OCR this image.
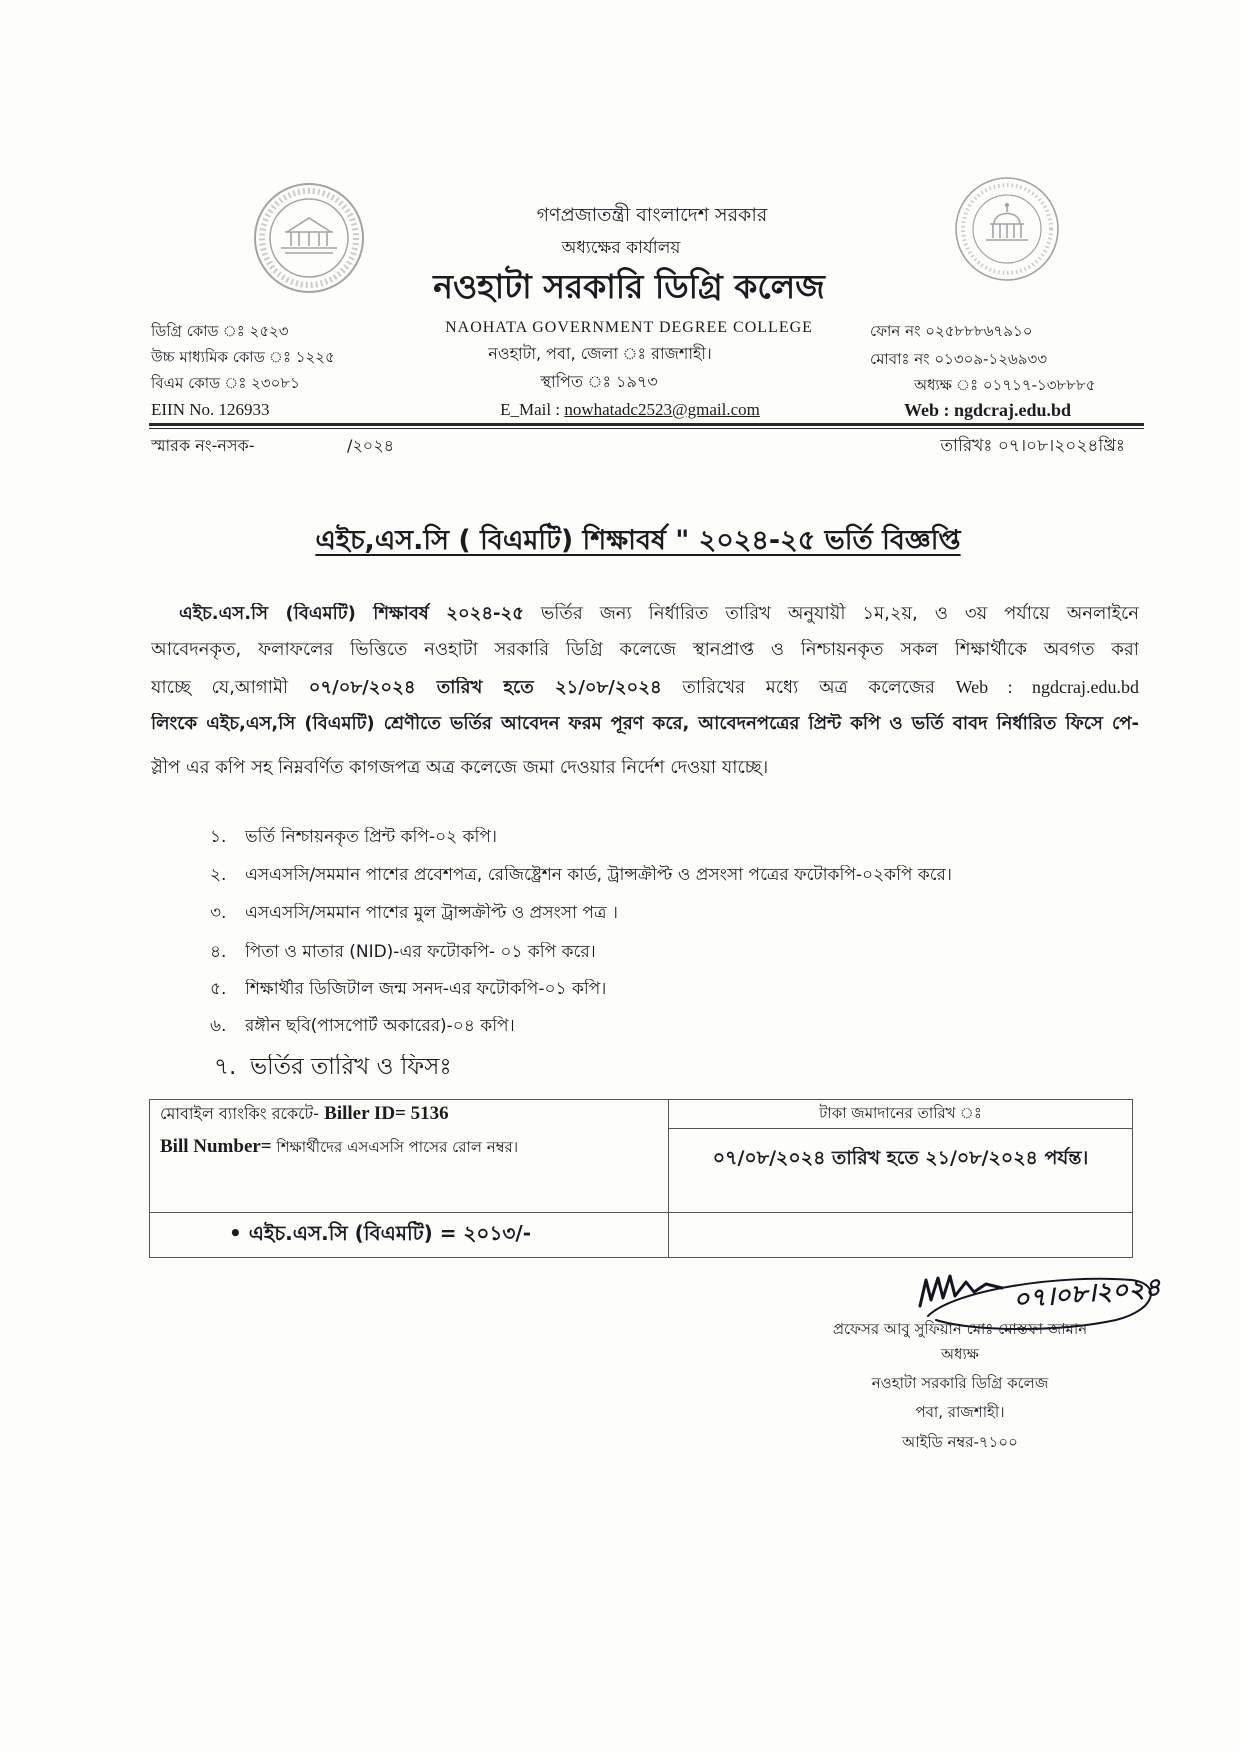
গণপ্রজাতন্ত্রী বাংলাদেশ সরকার
অধ্যক্ষের কার্যালয়
নওহাটা সরকারি ডিগ্রি কলেজ
NAOHATA GOVERNMENT DEGREE COLLEGE
নওহাটা, পবা, জেলা ঃ রাজশাহী।
স্থাপিত ঃ ১৯৭৩
E_Mail : nowhatadc2523@gmail.com
ডিগ্রি কোড ঃ ২৫২৩
উচ্চ মাধ্যমিক কোড ঃ ১২২৫
বিএম কোড ঃ ২৩০৮১
EIIN No. 126933
ফোন নং ০২৫৮৮৮৬৭৯১০
মোবাঃ নং ০১৩০৯-১২৬৯৩৩
অধ্যক্ষ ঃ ০১৭১৭-১৩৮৮৮৫
Web : ngdcraj.edu.bd
স্মারক নং-নসক-	/২০২৪	তারিখঃ ০৭।০৮।২০২৪খ্রিঃ
এইচ,এস.সি ( বিএমটি) শিক্ষাবর্ষ " ২০২৪-২৫ ভর্তি বিজ্ঞপ্তি
এইচ.এস.সি (বিএমটি) শিক্ষাবর্ষ ২০২৪-২৫ ভর্তির জন্য নির্ধারিত তারিখ অনুযায়ী ১ম,২য়, ও ৩য় পর্যায়ে অনলাইনে
আবেদনকৃত, ফলাফলের ভিত্তিতে নওহাটা সরকারি ডিগ্রি কলেজে স্থানপ্রাপ্ত ও নিশ্চায়নকৃত সকল শিক্ষার্থীকে অবগত করা
যাচ্ছে যে,আগামী ০৭/০৮/২০২৪ তারিখ হতে ২১/০৮/২০২৪ তারিখের মধ্যে অত্র কলেজের Web : ngdcraj.edu.bd
লিংকে এইচ,এস,সি (বিএমটি) শ্রেণীতে ভর্তির আবেদন ফরম পূরণ করে, আবেদনপত্রের প্রিন্ট কপি ও ভর্তি বাবদ নির্ধারিত ফিসে পে-
স্লীপ এর কপি সহ নিম্নবর্ণিত কাগজপত্র অত্র কলেজে জমা দেওয়ার নির্দেশ দেওয়া যাচ্ছে।
১. ভর্তি নিশ্চায়নকৃত প্রিন্ট কপি-০২ কপি।
২. এসএসসি/সমমান পাশের প্রবেশপত্র, রেজিষ্ট্রেশন কার্ড, ট্রান্সক্রীপ্ট ও প্রসংসা পত্রের ফটোকপি-০২কপি করে।
৩. এসএসসি/সমমান পাশের মুল ট্রান্সক্রীপ্ট ও প্রসংসা পত্র ।
৪. পিতা ও মাতার (NID)-এর ফটোকপি- ০১ কপি করে।
৫. শিক্ষার্থীর ডিজিটাল জন্ম সনদ-এর ফটোকপি-০১ কপি।
৬. রঙ্গীন ছবি(পাসপোর্ট অকারের)-০৪ কপি।
৭. ভর্তির তারিখ ও ফিসঃ
মোবাইল ব্যাংকিং রকেটে- Biller ID= 5136
Bill Number= শিক্ষার্থীদের এসএসসি পাসের রোল নম্বর।
টাকা জমাদানের তারিখ ঃ
০৭/০৮/২০২৪ তারিখ হতে ২১/০৮/২০২৪ পর্যন্ত।
• এইচ.এস.সি (বিএমটি) = ২০১৩/-
০৭।০৮।২০২৪
প্রফেসর আবু সুফিয়ান মোঃ মোস্তফা জামান
অধ্যক্ষ
নওহাটা সরকারি ডিগ্রি কলেজ
পবা, রাজশাহী।
আইডি নম্বর-৭১০০
